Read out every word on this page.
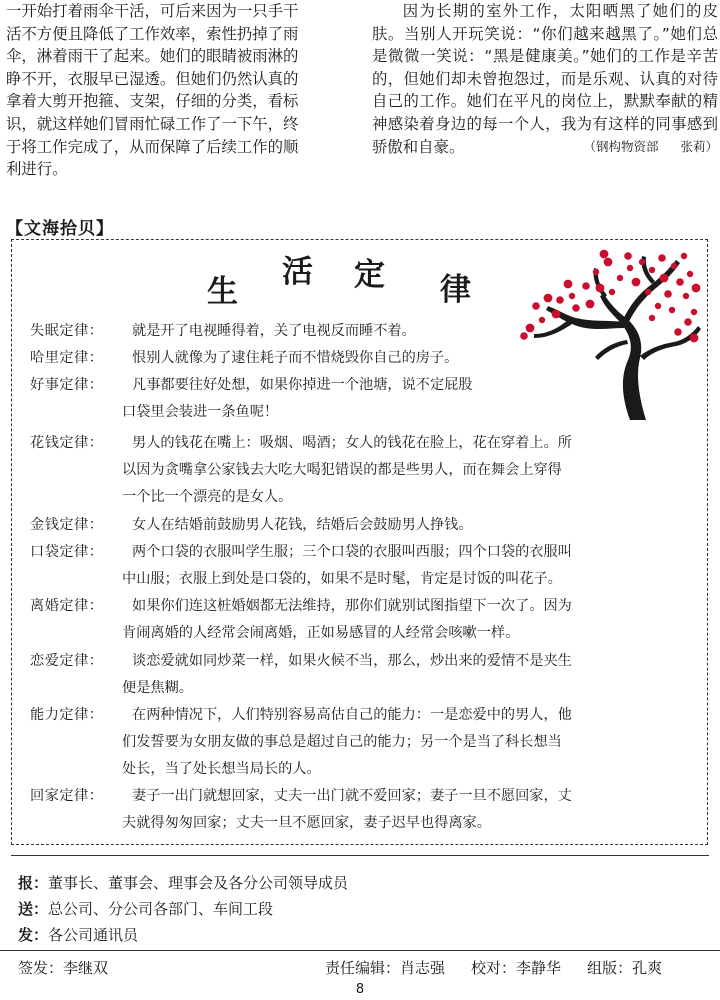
一开始打着雨伞干活，可后来因为一只手干
活不方便且降低了工作效率，索性扔掉了雨
伞，淋着雨干了起来。她们的眼睛被雨淋的
睁不开，衣服早已湿透。但她们仍然认真的
拿着大剪开抱箍、支架，仔细的分类，看标
识，就这样她们冒雨忙碌工作了一下午，终
于将工作完成了，从而保障了后续工作的顺
利进行。
因为长期的室外工作，太阳晒黑了她们的皮肤。当别人开玩笑说：“你们越来越黑了。”她们总是微微一笑说：“黑是健康美。”她们的工作是辛苦的，但她们却未曾抱怨过，而是乐观、认真的对待自己的工作。她们在平凡的岗位上，默默奉献的精神感染着身边的每一个人，我为有这样的同事感到骄傲和自豪。	（钢构物资部 张莉）
【文海拾贝】
生
活 定 律
报：董事长、董事会、理事会及各分公司领导成员
送：总公司、分公司各部门、车间工段
发：各公司通讯员
签发：李继双	责任编辑：肖志强 校对：李静华 组版：孔爽
8
失眠定律： 就是开了电视睡得着，关了电视反而睡不着。
哈里定律： 恨别人就像为了逮住耗子而不惜烧毁你自己的房子。
好事定律： 凡事都要往好处想，如果你掉进一个池塘，说不定屁股
口袋里会装进一条鱼呢！
花钱定律： 男人的钱花在嘴上：吸烟、喝酒；女人的钱花在脸上，花在穿着上。所
以因为贪嘴拿公家钱去大吃大喝犯错误的都是些男人，而在舞会上穿得
一个比一个漂亮的是女人。
金钱定律： 女人在结婚前鼓励男人花钱，结婚后会鼓励男人挣钱。
口袋定律： 两个口袋的衣服叫学生服；三个口袋的衣服叫西服；四个口袋的衣服叫
中山服；衣服上到处是口袋的，如果不是时髦，肯定是讨饭的叫花子。
离婚定律： 如果你们连这桩婚姻都无法维持，那你们就别试图指望下一次了。因为
肯闹离婚的人经常会闹离婚，正如易感冒的人经常会咳嗽一样。
恋爱定律： 谈恋爱就如同炒菜一样，如果火候不当，那么，炒出来的爱情不是夹生
便是焦糊。
能力定律： 在两种情况下，人们特别容易高估自己的能力：一是恋爱中的男人，他
们发誓要为女朋友做的事总是超过自己的能力；另一个是当了科长想当
处长，当了处长想当局长的人。
回家定律： 妻子一出门就想回家，丈夫一出门就不爱回家；妻子一旦不愿回家，丈
夫就得匆匆回家；丈夫一旦不愿回家，妻子迟早也得离家。
